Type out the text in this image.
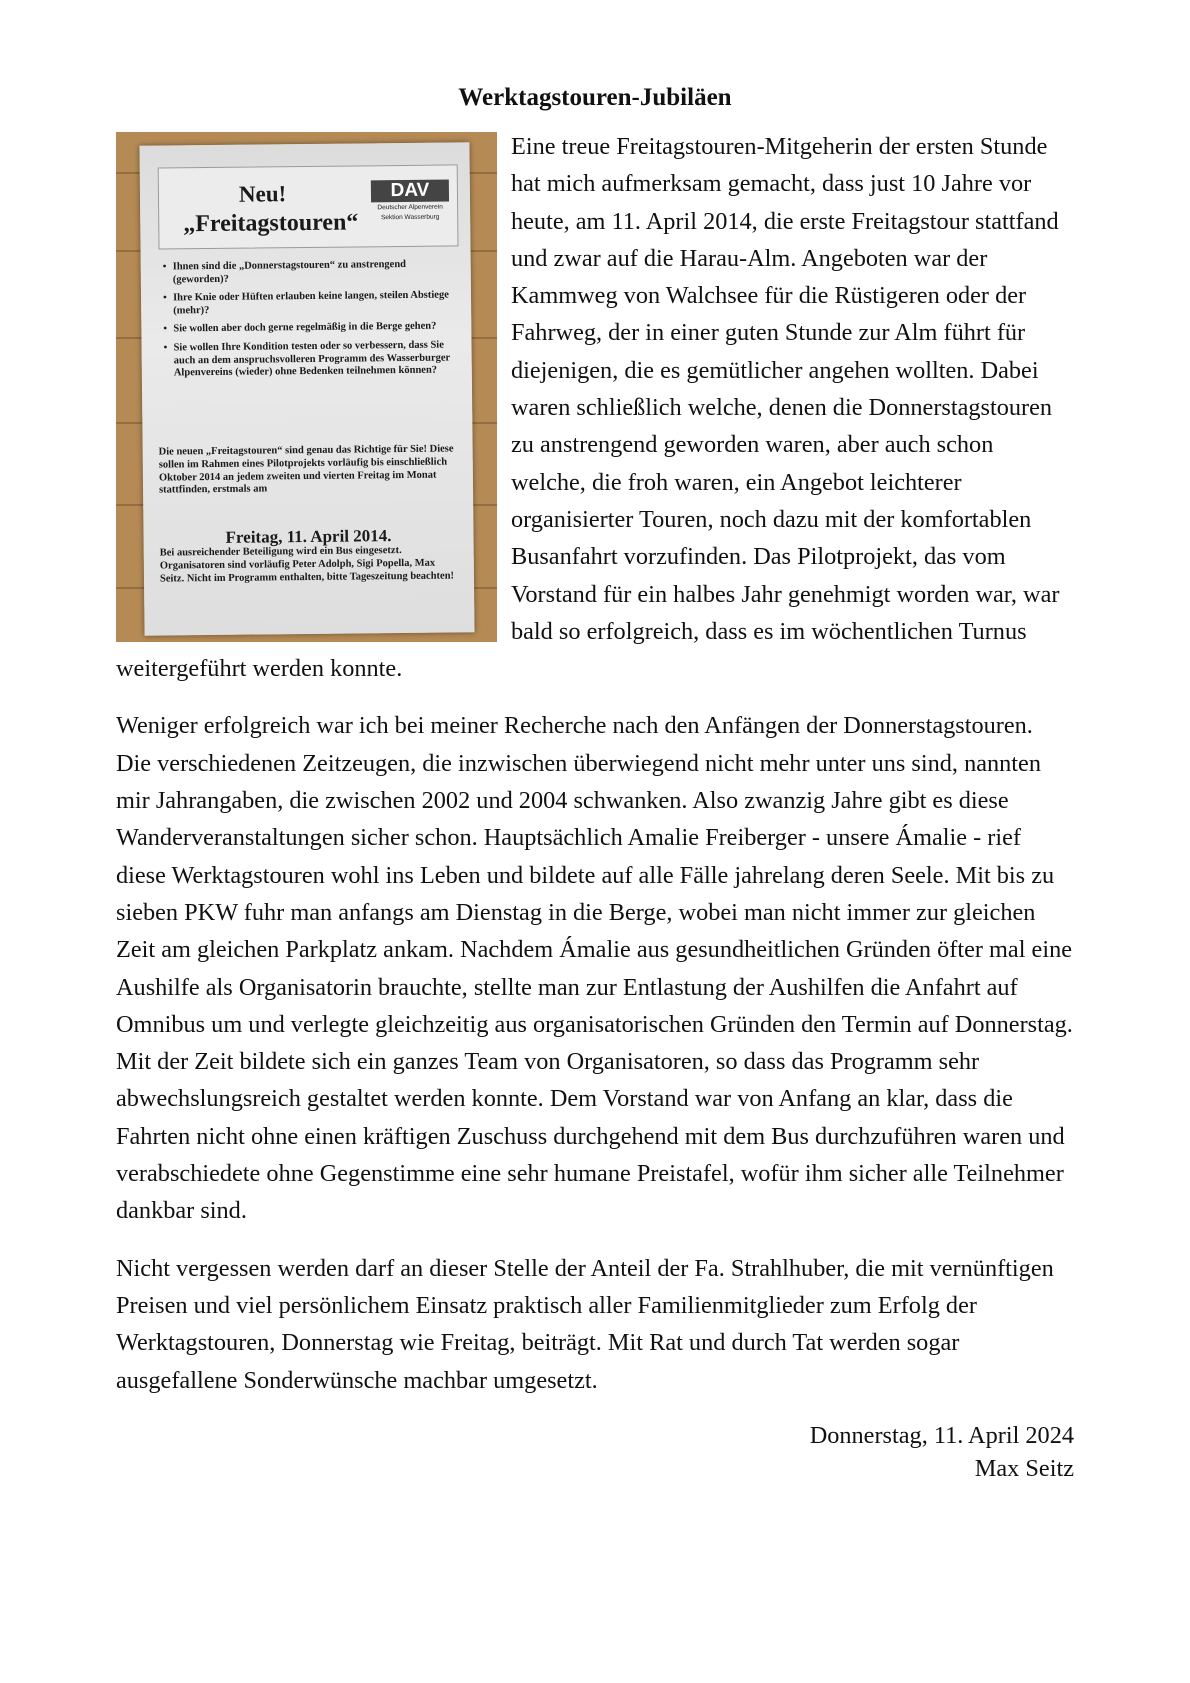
Werktagstouren-Jubiläen
Neu!
„Freitagstouren“
DAV
Deutscher Alpenverein
Sektion Wasserburg
• Ihnen sind die „Donnerstagstouren“ zu anstrengend (geworden)?
• Ihre Knie oder Hüften erlauben keine langen, steilen Abstiege (mehr)?
• Sie wollen aber doch gerne regelmäßig in die Berge gehen?
• Sie wollen Ihre Kondition testen oder so verbessern, dass Sie auch an dem anspruchsvolleren Programm des Wasserburger Alpenvereins (wieder) ohne Bedenken teilnehmen können?
Die neuen „Freitagstouren“ sind genau das Richtige für Sie! Diese sollen im Rahmen eines Pilotprojekts vorläufig bis einschließlich Oktober 2014 an jedem zweiten und vierten Freitag im Monat stattfinden, erstmals am
Freitag, 11. April 2014.
Bei ausreichender Beteiligung wird ein Bus eingesetzt. Organisatoren sind vorläufig Peter Adolph, Sigi Popella, Max Seitz. Nicht im Programm enthalten, bitte Tageszeitung beachten!

Eine treue Freitagstouren-Mitgeherin der ersten Stunde hat mich aufmerksam gemacht, dass just 10 Jahre vor heute, am 11. April 2014, die erste Freitagstour stattfand und zwar auf die Harau-Alm. Angeboten war der Kammweg von Walchsee für die Rüstigeren oder der Fahrweg, der in einer guten Stunde zur Alm führt für diejenigen, die es gemütlicher angehen wollten. Dabei waren schließlich welche, denen die Donnerstagstouren zu anstrengend geworden waren, aber auch schon welche, die froh waren, ein Angebot leichterer organisierter Touren, noch dazu mit der komfortablen Busanfahrt vorzufinden. Das Pilotprojekt, das vom Vorstand für ein halbes Jahr genehmigt worden war, war bald so erfolgreich, dass es im wöchentlichen Turnus weitergeführt werden konnte.

Weniger erfolgreich war ich bei meiner Recherche nach den Anfängen der Donnerstagstouren. Die verschiedenen Zeitzeugen, die inzwischen überwiegend nicht mehr unter uns sind, nannten mir Jahrangaben, die zwischen 2002 und 2004 schwanken. Also zwanzig Jahre gibt es diese Wanderveranstaltungen sicher schon. Hauptsächlich Amalie Freiberger - unsere Ámalie - rief diese Werktagstouren wohl ins Leben und bildete auf alle Fälle jahrelang deren Seele. Mit bis zu sieben PKW fuhr man anfangs am Dienstag in die Berge, wobei man nicht immer zur gleichen Zeit am gleichen Parkplatz ankam. Nachdem Ámalie aus gesundheitlichen Gründen öfter mal eine Aushilfe als Organisatorin brauchte, stellte man zur Entlastung der Aushilfen die Anfahrt auf Omnibus um und verlegte gleichzeitig aus organisatorischen Gründen den Termin auf Donnerstag. Mit der Zeit bildete sich ein ganzes Team von Organisatoren, so dass das Programm sehr abwechslungsreich gestaltet werden konnte. Dem Vorstand war von Anfang an klar, dass die Fahrten nicht ohne einen kräftigen Zuschuss durchgehend mit dem Bus durchzuführen waren und verabschiedete ohne Gegenstimme eine sehr humane Preistafel, wofür ihm sicher alle Teilnehmer dankbar sind.

Nicht vergessen werden darf an dieser Stelle der Anteil der Fa. Strahlhuber, die mit vernünftigen Preisen und viel persönlichem Einsatz praktisch aller Familienmitglieder zum Erfolg der Werktagstouren, Donnerstag wie Freitag, beiträgt. Mit Rat und durch Tat werden sogar ausgefallene Sonderwünsche machbar umgesetzt.

Donnerstag, 11. April 2024
Max Seitz
